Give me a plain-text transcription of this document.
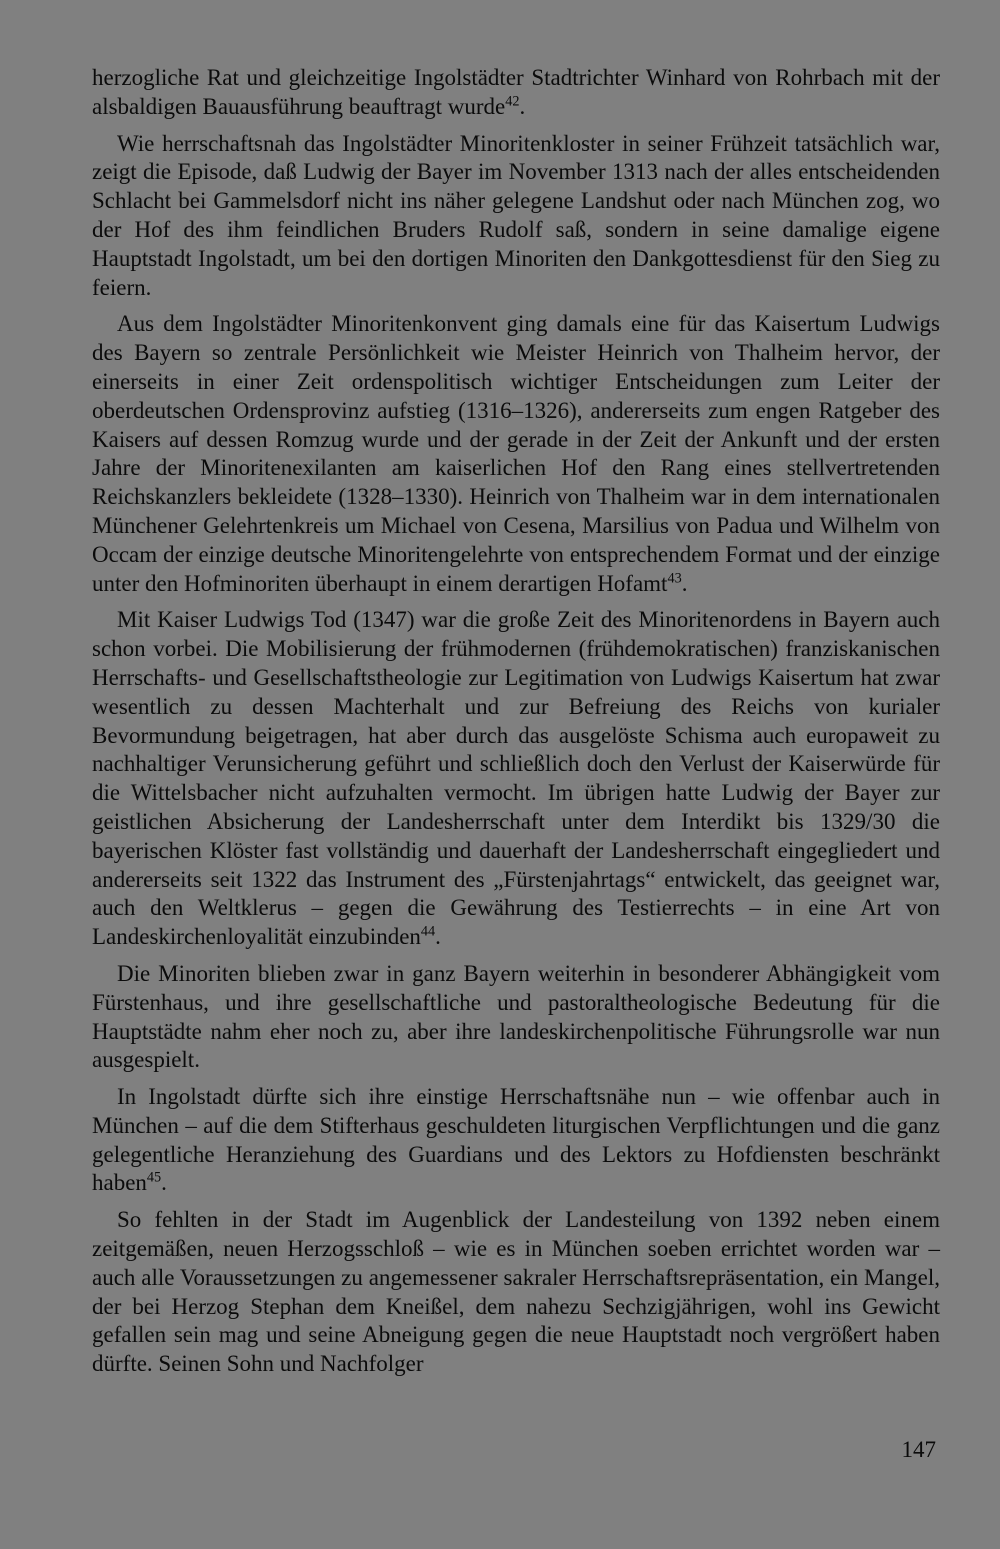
herzogliche Rat und gleichzeitige Ingolstädter Stadtrichter Winhard von Rohrbach mit der alsbaldigen Bauausführung beauftragt wurde$^{42}$.

Wie herrschaftsnah das Ingolstädter Minoritenkloster in seiner Frühzeit tatsächlich war, zeigt die Episode, daß Ludwig der Bayer im November 1313 nach der alles entscheidenden Schlacht bei Gammelsdorf nicht ins näher gelegene Landshut oder nach München zog, wo der Hof des ihm feindlichen Bruders Rudolf saß, sondern in seine damalige eigene Hauptstadt Ingolstadt, um bei den dortigen Minoriten den Dankgottesdienst für den Sieg zu feiern.

Aus dem Ingolstädter Minoritenkonvent ging damals eine für das Kaisertum Ludwigs des Bayern so zentrale Persönlichkeit wie Meister Heinrich von Thalheim hervor, der einerseits in einer Zeit ordenspolitisch wichtiger Entscheidungen zum Leiter der oberdeutschen Ordensprovinz aufstieg (1316–1326), andererseits zum engen Ratgeber des Kaisers auf dessen Romzug wurde und der gerade in der Zeit der Ankunft und der ersten Jahre der Minoritenexilanten am kaiserlichen Hof den Rang eines stellvertretenden Reichskanzlers bekleidete (1328–1330). Heinrich von Thalheim war in dem internationalen Münchener Gelehrtenkreis um Michael von Cesena, Marsilius von Padua und Wilhelm von Occam der einzige deutsche Minoritengelehrte von entsprechendem Format und der einzige unter den Hofminoriten überhaupt in einem derartigen Hofamt$^{43}$.

Mit Kaiser Ludwigs Tod (1347) war die große Zeit des Minoritenordens in Bayern auch schon vorbei. Die Mobilisierung der frühmodernen (frühdemokratischen) franziskanischen Herrschafts- und Gesellschaftstheologie zur Legitimation von Ludwigs Kaisertum hat zwar wesentlich zu dessen Machterhalt und zur Befreiung des Reichs von kurialer Bevormundung beigetragen, hat aber durch das ausgelöste Schisma auch europaweit zu nachhaltiger Verunsicherung geführt und schließlich doch den Verlust der Kaiserwürde für die Wittelsbacher nicht aufzuhalten vermocht. Im übrigen hatte Ludwig der Bayer zur geistlichen Absicherung der Landesherrschaft unter dem Interdikt bis 1329/30 die bayerischen Klöster fast vollständig und dauerhaft der Landesherrschaft eingegliedert und andererseits seit 1322 das Instrument des „Fürstenjahrtags“ entwickelt, das geeignet war, auch den Weltklerus – gegen die Gewährung des Testierrechts – in eine Art von Landeskirchenloyalität einzubinden$^{44}$.

Die Minoriten blieben zwar in ganz Bayern weiterhin in besonderer Abhängigkeit vom Fürstenhaus, und ihre gesellschaftliche und pastoraltheologische Bedeutung für die Hauptstädte nahm eher noch zu, aber ihre landeskirchenpolitische Führungsrolle war nun ausgespielt.

In Ingolstadt dürfte sich ihre einstige Herrschaftsnähe nun – wie offenbar auch in München – auf die dem Stifterhaus geschuldeten liturgischen Verpflichtungen und die ganz gelegentliche Heranziehung des Guardians und des Lektors zu Hofdiensten beschränkt haben$^{45}$.

So fehlten in der Stadt im Augenblick der Landesteilung von 1392 neben einem zeitgemäßen, neuen Herzogsschloß – wie es in München soeben errichtet worden war – auch alle Voraussetzungen zu angemessener sakraler Herrschaftsrepräsentation, ein Mangel, der bei Herzog Stephan dem Kneißel, dem nahezu Sechzigjährigen, wohl ins Gewicht gefallen sein mag und seine Abneigung gegen die neue Hauptstadt noch vergrößert haben dürfte. Seinen Sohn und Nachfolger

147
